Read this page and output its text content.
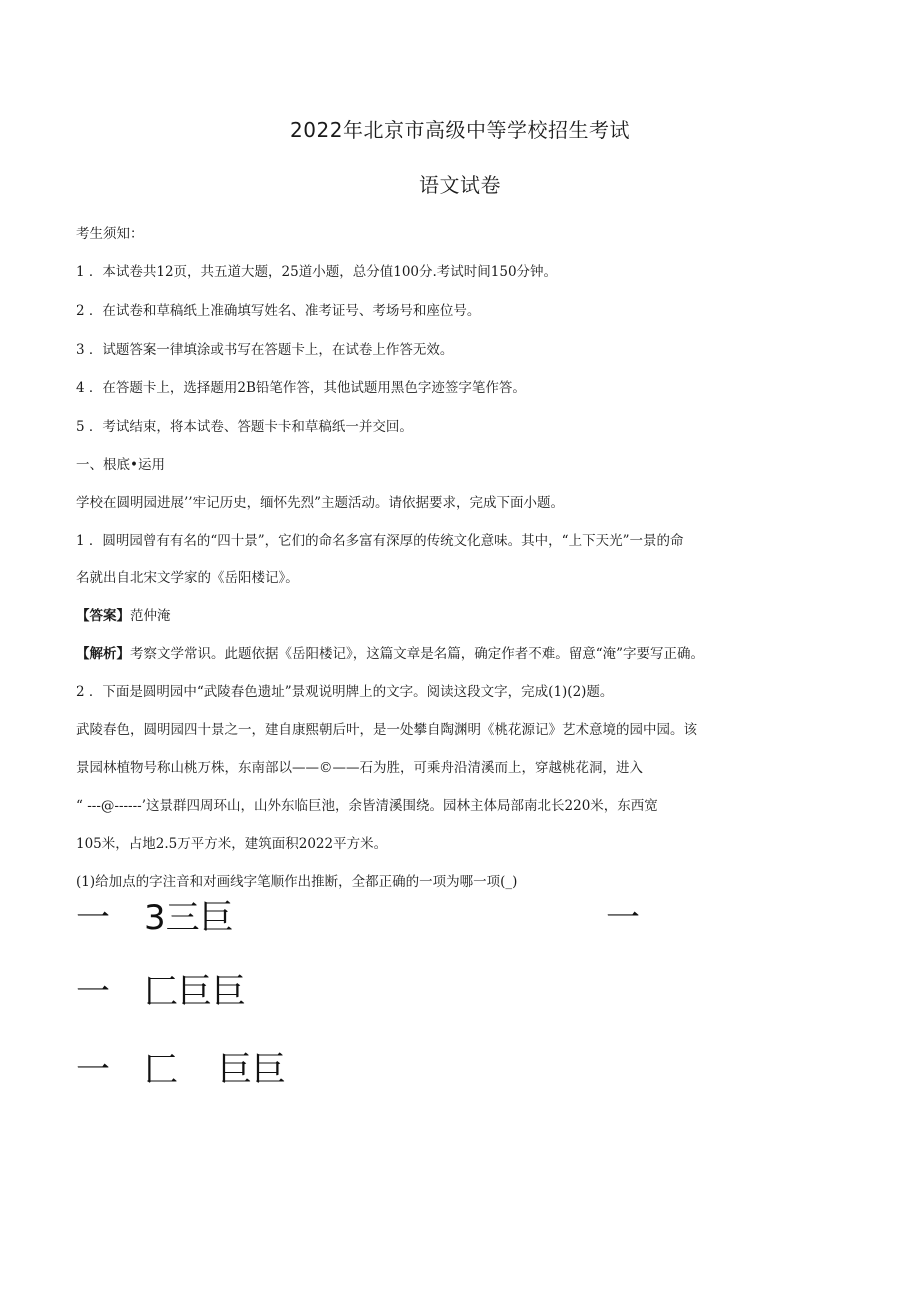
2022年北京市高级中等学校招生考试
语文试卷
考生须知：
1 ．本试卷共12页，共五道大题，25道小题，总分值100分.考试时间150分钟。
2 ．在试卷和草稿纸上准确填写姓名、准考证号、考场号和座位号。
3 ．试题答案一律填涂或书写在答题卡上，在试卷上作答无效。
4 ．在答题卡上，选择题用2B铅笔作答，其他试题用黑色字迹签字笔作答。
5 ．考试结束，将本试卷、答题卡卡和草稿纸一并交回。
一、根底•运用
学校在圆明园进展’’牢记历史，缅怀先烈”主题活动。请依据要求，完成下面小题。
1 ．圆明园曾有有名的“四十景”，它们的命名多富有深厚的传统文化意味。其中，“上下天光”一景的命
名就出自北宋文学家的《岳阳楼记》。
【答案】范仲淹
【解析】考察文学常识。此题依据《岳阳楼记》，这篇文章是名篇，确定作者不难。留意“淹”字要写正确。
2 ．下面是圆明园中“武陵春色遗址”景观说明牌上的文字。阅读这段文字，完成(1)(2)题。
武陵春色，圆明园四十景之一，建自康熙朝后叶，是一处攀自陶渊明《桃花源记》艺术意境的园中园。该
景园林植物号称山桃万株，东南部以——©——石为胜，可乘舟沿清溪而上，穿越桃花洞，进入
“ ---@------’这景群四周环山，山外东临巨池，余皆清溪围绕。园林主体局部南北长220米，东西宽
105米，占地2.5万平方米，建筑面积2022平方米。
(1)给加点的字注音和对画线字笔顺作出推断，全都正确的一项为哪一项(_)
一 3三巨	一
一 匚巨巨
一 匚 巨巨
